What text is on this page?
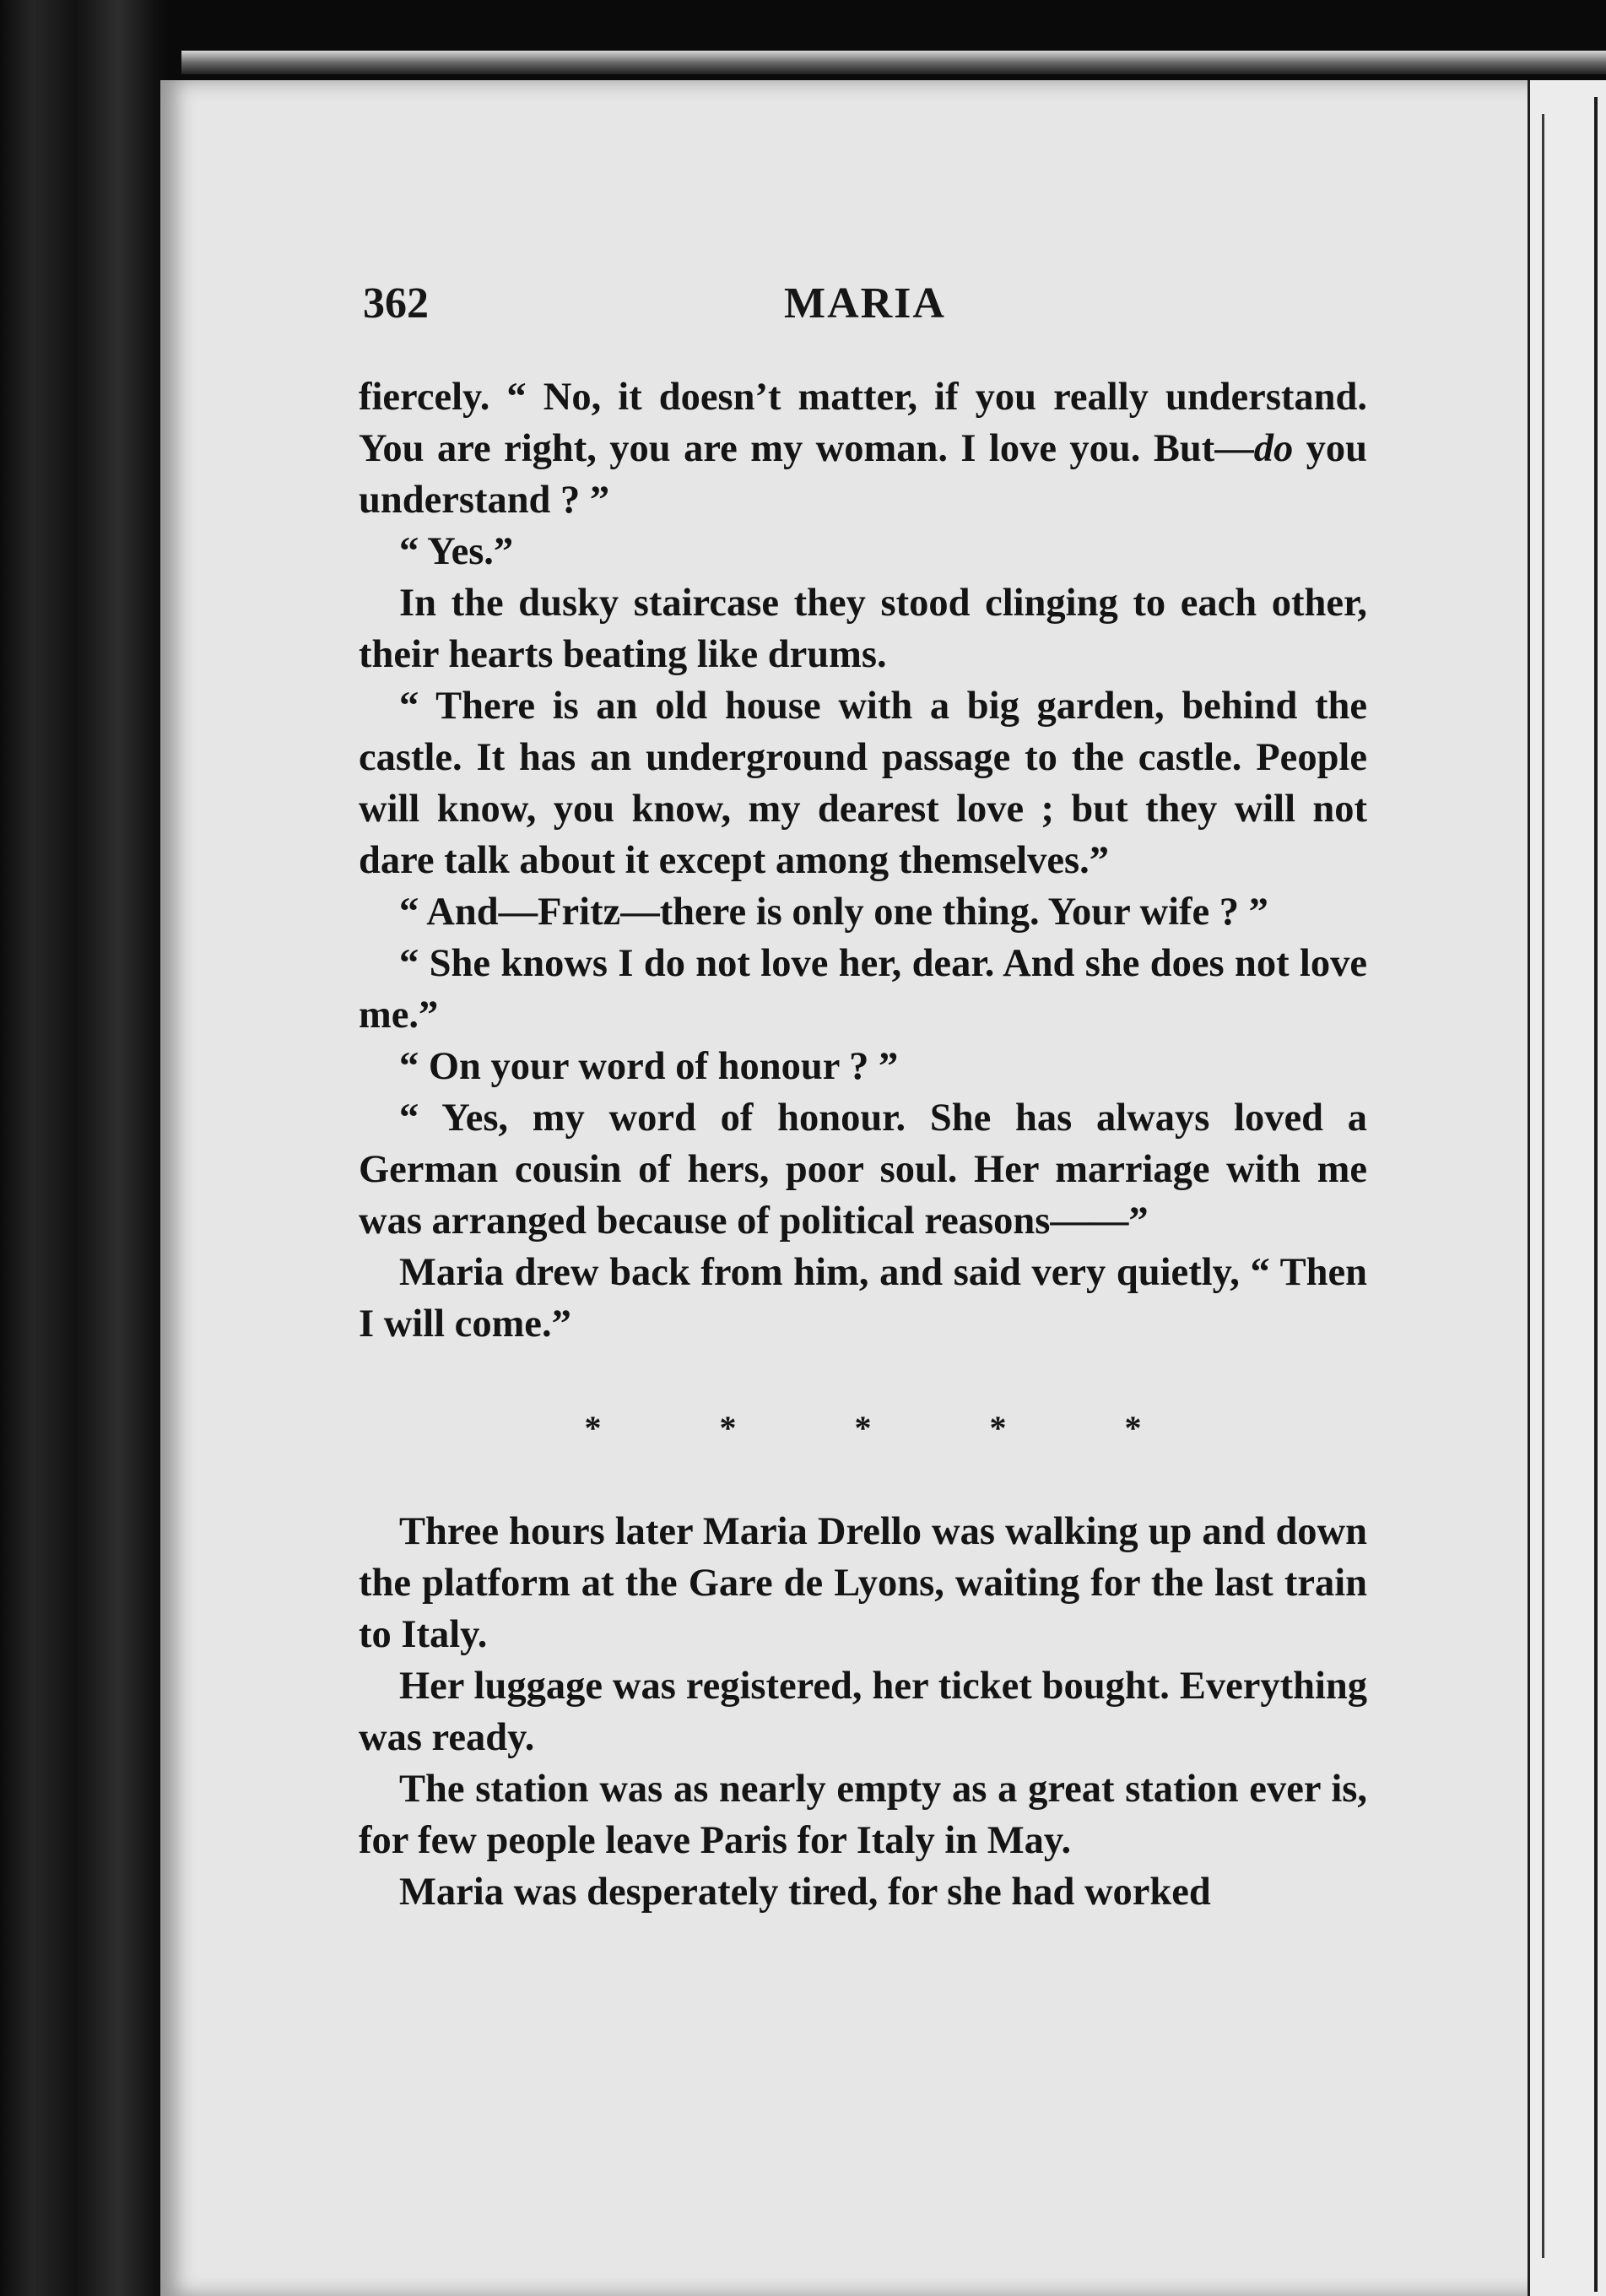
362	MARIA

fiercely. “ No, it doesn’t matter, if you really understand. You are right, you are my woman. I love you. But—do you understand ? ”

“ Yes.”

In the dusky staircase they stood clinging to each other, their hearts beating like drums.

“ There is an old house with a big garden, behind the castle. It has an underground passage to the castle. People will know, you know, my dearest love ; but they will not dare talk about it except among themselves.”

“ And—Fritz—there is only one thing. Your wife ? ”

“ She knows I do not love her, dear. And she does not love me.”

“ On your word of honour ? ”

“ Yes, my word of honour. She has always loved a German cousin of hers, poor soul. Her marriage with me was arranged because of political reasons——”

Maria drew back from him, and said very quietly, “ Then I will come.”

*	*	*	*	*

Three hours later Maria Drello was walking up and down the platform at the Gare de Lyons, waiting for the last train to Italy.

Her luggage was registered, her ticket bought. Everything was ready.

The station was as nearly empty as a great station ever is, for few people leave Paris for Italy in May.

Maria was desperately tired, for she had worked
